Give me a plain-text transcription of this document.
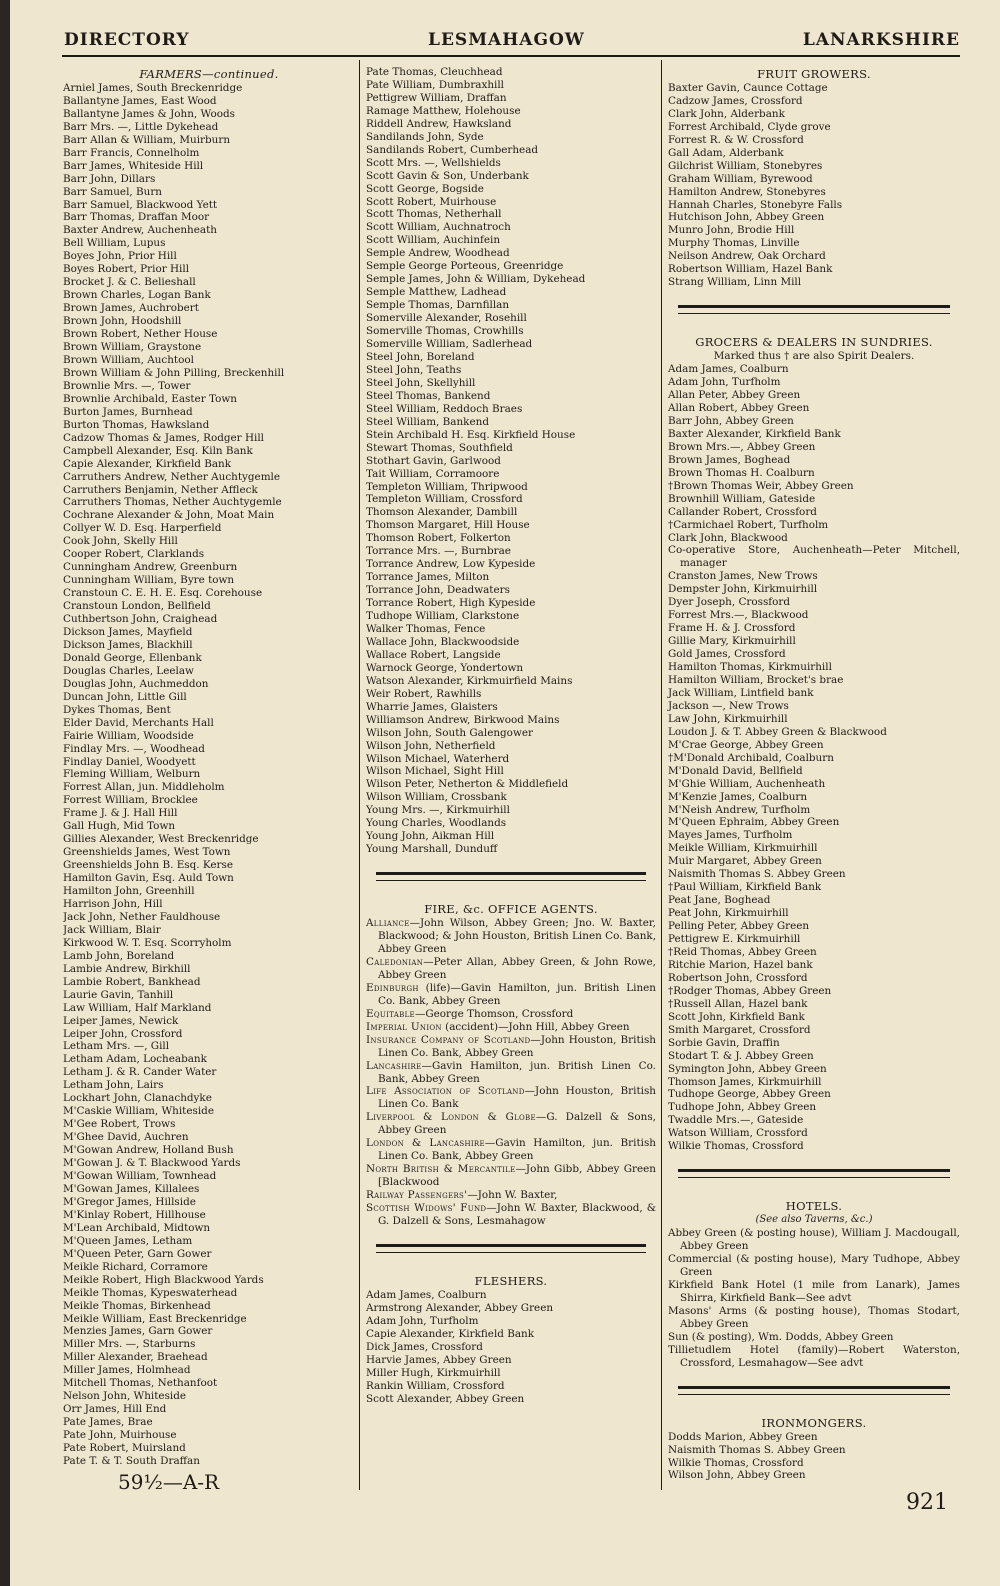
DIRECTORY	LESMAHAGOW	LANARKSHIRE
FARMERS—continued.
Arniel James, South Breckenridge
Ballantyne James, East Wood
Ballantyne James & John, Woods
Barr Mrs. —, Little Dykehead
Barr Allan & William, Muirburn
Barr Francis, Connelholm
Barr James, Whiteside Hill
Barr John, Dillars
Barr Samuel, Burn
Barr Samuel, Blackwood Yett
Barr Thomas, Draffan Moor
Baxter Andrew, Auchenheath
Bell William, Lupus
Boyes John, Prior Hill
Boyes Robert, Prior Hill
Brocket J. & C. Belieshall
Brown Charles, Logan Bank
Brown James, Auchrobert
Brown John, Hoodshill
Brown Robert, Nether House
Brown William, Graystone
Brown William, Auchtool
Brown William & John Pilling, Breckenhill
Brownlie Mrs. —, Tower
Brownlie Archibald, Easter Town
Burton James, Burnhead
Burton Thomas, Hawksland
Cadzow Thomas & James, Rodger Hill
Campbell Alexander, Esq. Kiln Bank
Capie Alexander, Kirkfield Bank
Carruthers Andrew, Nether Auchtygemle
Carruthers Benjamin, Nether Affleck
Carruthers Thomas, Nether Auchtygemle
Cochrane Alexander & John, Moat Main
Collyer W. D. Esq. Harperfield
Cook John, Skelly Hill
Cooper Robert, Clarklands
Cunningham Andrew, Greenburn
Cunningham William, Byre town
Cranstoun C. E. H. E. Esq. Corehouse
Cranstoun London, Bellfield
Cuthbertson John, Craighead
Dickson James, Mayfield
Dickson James, Blackhill
Donald George, Ellenbank
Douglas Charles, Leelaw
Douglas John, Auchmeddon
Duncan John, Little Gill
Dykes Thomas, Bent
Elder David, Merchants Hall
Fairie William, Woodside
Findlay Mrs. —, Woodhead
Findlay Daniel, Woodyett
Fleming William, Welburn
Forrest Allan, jun. Middleholm
Forrest William, Brocklee
Frame J. & J. Hall Hill
Gall Hugh, Mid Town
Gillies Alexander, West Breckenridge
Greenshields James, West Town
Greenshields John B. Esq. Kerse
Hamilton Gavin, Esq. Auld Town
Hamilton John, Greenhill
Harrison John, Hill
Jack John, Nether Fauldhouse
Jack William, Blair
Kirkwood W. T. Esq. Scorryholm
Lamb John, Boreland
Lambie Andrew, Birkhill
Lambie Robert, Bankhead
Laurie Gavin, Tanhill
Law William, Half Markland
Leiper James, Newick
Leiper John, Crossford
Letham Mrs. —, Gill
Letham Adam, Locheabank
Letham J. & R. Cander Water
Letham John, Lairs
Lockhart John, Clanachdyke
M'Caskie William, Whiteside
M'Gee Robert, Trows
M'Ghee David, Auchren
M'Gowan Andrew, Holland Bush
M'Gowan J. & T. Blackwood Yards
M'Gowan William, Townhead
M'Gowan James, Killalees
M'Gregor James, Hillside
M'Kinlay Robert, Hillhouse
M'Lean Archibald, Midtown
M'Queen James, Letham
M'Queen Peter, Garn Gower
Meikle Richard, Corramore
Meikle Robert, High Blackwood Yards
Meikle Thomas, Kypeswaterhead
Meikle Thomas, Birkenhead
Meikle William, East Breckenridge
Menzies James, Garn Gower
Miller Mrs. —, Starburns
Miller Alexander, Braehead
Miller James, Holmhead
Mitchell Thomas, Nethanfoot
Nelson John, Whiteside
Orr James, Hill End
Pate James, Brae
Pate John, Muirhouse
Pate Robert, Muirsland
Pate T. & T. South Draffan
Pate Thomas, Cleuchhead
Pate William, Dumbraxhill
Pettigrew William, Draffan
Ramage Matthew, Holehouse
Riddell Andrew, Hawksland
Sandilands John, Syde
Sandilands Robert, Cumberhead
Scott Mrs. —, Wellshields
Scott Gavin & Son, Underbank
Scott George, Bogside
Scott Robert, Muirhouse
Scott Thomas, Netherhall
Scott William, Auchnatroch
Scott William, Auchinfein
Semple Andrew, Woodhead
Semple George Porteous, Greenridge
Semple James, John & William, Dykehead
Semple Matthew, Ladhead
Semple Thomas, Darnfillan
Somerville Alexander, Rosehill
Somerville Thomas, Crowhills
Somerville William, Sadlerhead
Steel John, Boreland
Steel John, Teaths
Steel John, Skellyhill
Steel Thomas, Bankend
Steel William, Reddoch Braes
Steel William, Bankend
Stein Archibald H. Esq. Kirkfield House
Stewart Thomas, Southfield
Stothart Gavin, Garlwood
Tait William, Corramoore
Templeton William, Thripwood
Templeton William, Crossford
Thomson Alexander, Dambill
Thomson Margaret, Hill House
Thomson Robert, Folkerton
Torrance Mrs. —, Burnbrae
Torrance Andrew, Low Kypeside
Torrance James, Milton
Torrance John, Deadwaters
Torrance Robert, High Kypeside
Tudhope William, Clarkstone
Walker Thomas, Fence
Wallace John, Blackwoodside
Wallace Robert, Langside
Warnock George, Yondertown
Watson Alexander, Kirkmuirfield Mains
Weir Robert, Rawhills
Wharrie James, Glaisters
Williamson Andrew, Birkwood Mains
Wilson John, South Galengower
Wilson John, Netherfield
Wilson Michael, Waterherd
Wilson Michael, Sight Hill
Wilson Peter, Netherton & Middlefield
Wilson William, Crossbank
Young Mrs. —, Kirkmuirhill
Young Charles, Woodlands
Young John, Aikman Hill
Young Marshall, Dunduff
FIRE, &c. OFFICE AGENTS.
Alliance—John Wilson, Abbey Green; Jno. W. Baxter, Blackwood; & John Houston, British Linen Co. Bank, Abbey Green
Caledonian—Peter Allan, Abbey Green, & John Rowe, Abbey Green
Edinburgh (life)—Gavin Hamilton, jun. British Linen Co. Bank, Abbey Green
Equitable—George Thomson, Crossford
Imperial Union (accident)—John Hill, Abbey Green
Insurance Company of Scotland—John Houston, British Linen Co. Bank, Abbey Green
Lancashire—Gavin Hamilton, jun. British Linen Co. Bank, Abbey Green
Life Association of Scotland—John Houston, British Linen Co. Bank
Liverpool & London & Globe—G. Dalzell & Sons, Abbey Green
London & Lancashire—Gavin Hamilton, jun. British Linen Co. Bank, Abbey Green
North British & Mercantile—John Gibb, Abbey Green [Blackwood
Railway Passengers'—John W. Baxter,
Scottish Widows' Fund—John W. Baxter, Blackwood, & G. Dalzell & Sons, Lesmahagow
FLESHERS.
Adam James, Coalburn
Armstrong Alexander, Abbey Green
Adam John, Turfholm
Capie Alexander, Kirkfield Bank
Dick James, Crossford
Harvie James, Abbey Green
Miller Hugh, Kirkmuirhill
Rankin William, Crossford
Scott Alexander, Abbey Green
FRUIT GROWERS.
Baxter Gavin, Caunce Cottage
Cadzow James, Crossford
Clark John, Alderbank
Forrest Archibald, Clyde grove
Forrest R. & W. Crossford
Gall Adam, Alderbank
Gilchrist William, Stonebyres
Graham William, Byrewood
Hamilton Andrew, Stonebyres
Hannah Charles, Stonebyre Falls
Hutchison John, Abbey Green
Munro John, Brodie Hill
Murphy Thomas, Linville
Neilson Andrew, Oak Orchard
Robertson William, Hazel Bank
Strang William, Linn Mill
GROCERS & DEALERS IN SUNDRIES.
Marked thus † are also Spirit Dealers.
Adam James, Coalburn
Adam John, Turfholm
Allan Peter, Abbey Green
Allan Robert, Abbey Green
Barr John, Abbey Green
Baxter Alexander, Kirkfield Bank
Brown Mrs.—, Abbey Green
Brown James, Boghead
Brown Thomas H. Coalburn
†Brown Thomas Weir, Abbey Green
Brownhill William, Gateside
Callander Robert, Crossford
†Carmichael Robert, Turfholm
Clark John, Blackwood
Co-operative Store, Auchenheath—Peter Mitchell, manager
Cranston James, New Trows
Dempster John, Kirkmuirhill
Dyer Joseph, Crossford
Forrest Mrs.—, Blackwood
Frame H. & J. Crossford
Gillie Mary, Kirkmuirhill
Gold James, Crossford
Hamilton Thomas, Kirkmuirhill
Hamilton William, Brocket's brae
Jack William, Lintfield bank
Jackson —, New Trows
Law John, Kirkmuirhill
Loudon J. & T. Abbey Green & Blackwood
M'Crae George, Abbey Green
†M'Donald Archibald, Coalburn
M'Donald David, Bellfield
M'Ghie William, Auchenheath
M'Kenzie James, Coalburn
M'Neish Andrew, Turfholm
M'Queen Ephraim, Abbey Green
Mayes James, Turfholm
Meikle William, Kirkmuirhill
Muir Margaret, Abbey Green
Naismith Thomas S. Abbey Green
†Paul William, Kirkfield Bank
Peat Jane, Boghead
Peat John, Kirkmuirhill
Pelling Peter, Abbey Green
Pettigrew E. Kirkmuirhill
†Reid Thomas, Abbey Green
Ritchie Marion, Hazel bank
Robertson John, Crossford
†Rodger Thomas, Abbey Green
†Russell Allan, Hazel bank
Scott John, Kirkfield Bank
Smith Margaret, Crossford
Sorbie Gavin, Draffin
Stodart T. & J. Abbey Green
Symington John, Abbey Green
Thomson James, Kirkmuirhill
Tudhope George, Abbey Green
Tudhope John, Abbey Green
Twaddle Mrs.—, Gateside
Watson William, Crossford
Wilkie Thomas, Crossford
HOTELS.
(See also Taverns, &c.)
Abbey Green (& posting house), William J. Macdougall, Abbey Green
Commercial (& posting house), Mary Tudhope, Abbey Green
Kirkfield Bank Hotel (1 mile from Lanark), James Shirra, Kirkfield Bank—See advt
Masons' Arms (& posting house), Thomas Stodart, Abbey Green
Sun (& posting), Wm. Dodds, Abbey Green
Tillietudlem Hotel (family)—Robert Waterston, Crossford, Lesmahagow—See advt
IRONMONGERS.
Dodds Marion, Abbey Green
Naismith Thomas S. Abbey Green
Wilkie Thomas, Crossford
Wilson John, Abbey Green
59½—A-R
921
